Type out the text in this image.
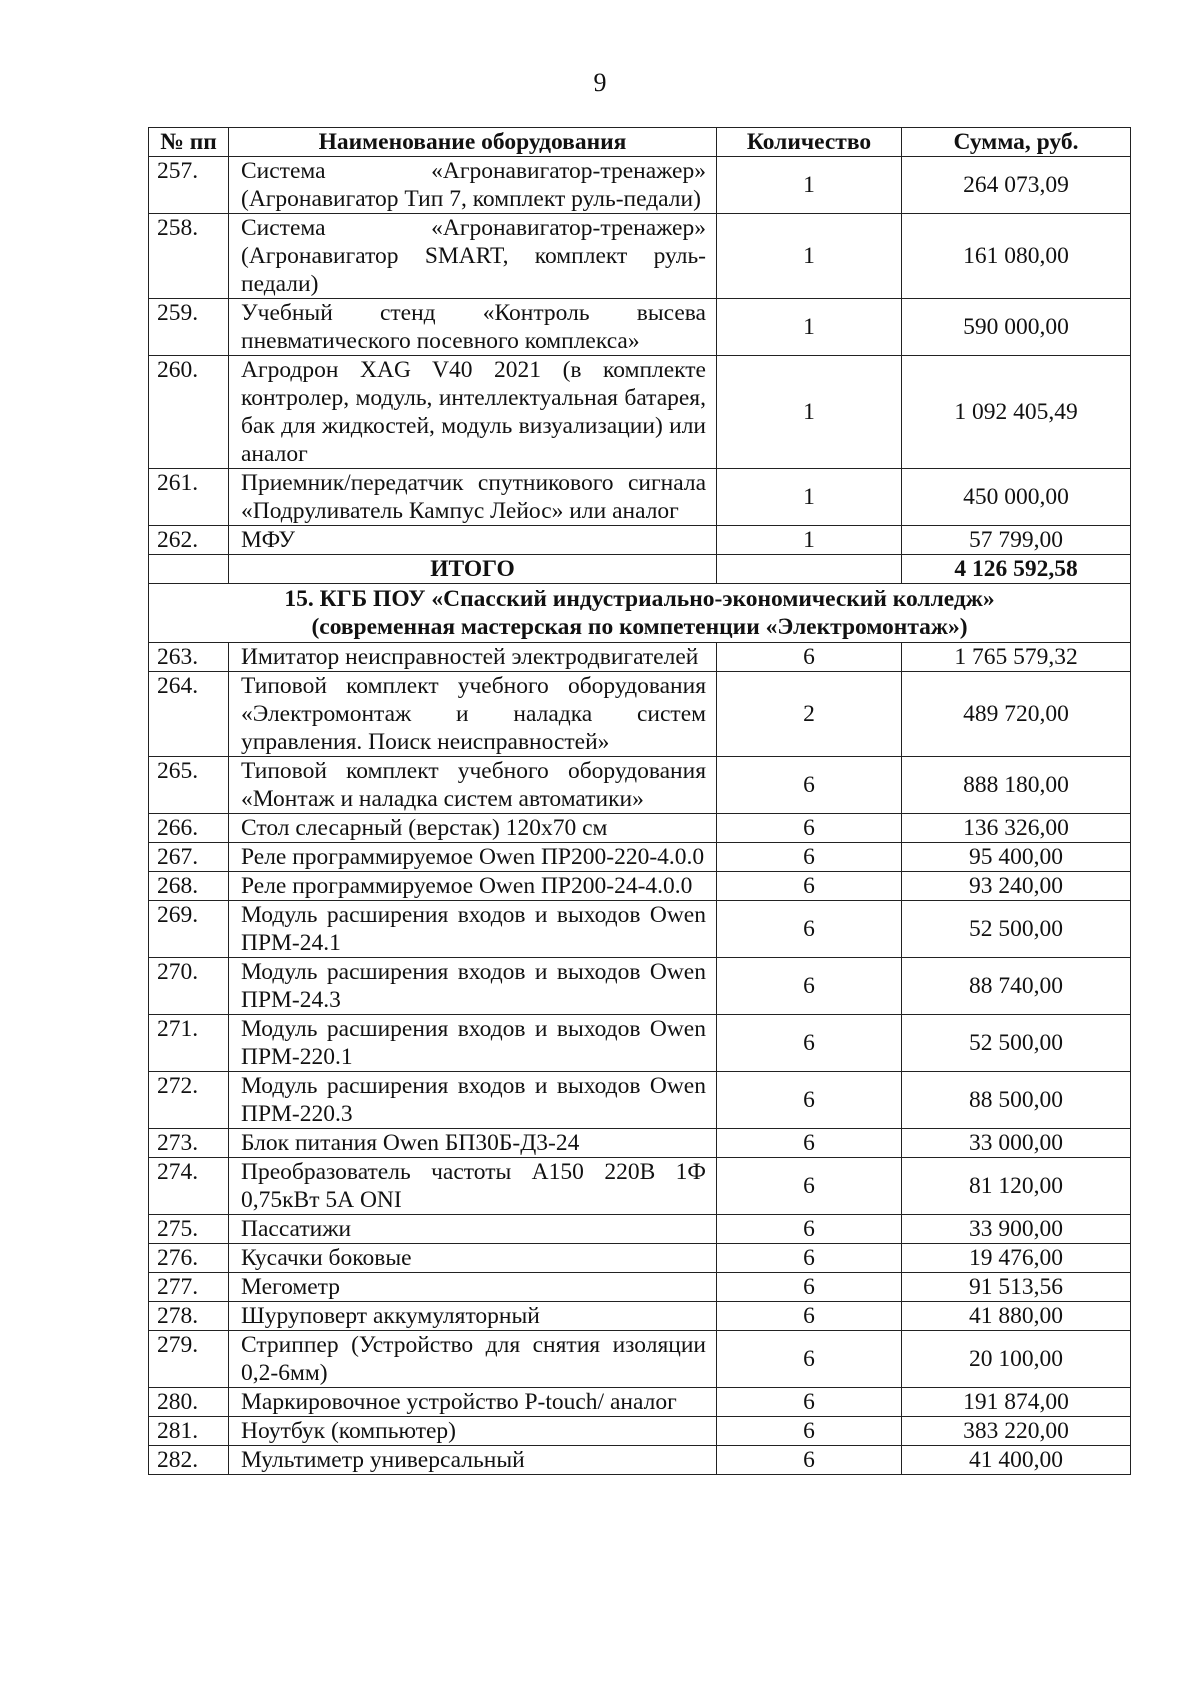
9
№ пп	Наименование оборудования	Количество	Сумма, руб.
257.	Система «Агронавигатор-тренажер» (Агронавигатор Тип 7, комплект руль-педали)	1	264 073,09
258.	Система «Агронавигатор-тренажер» (Агронавигатор SMART, комплект руль-педали)	1	161 080,00
259.	Учебный стенд «Контроль высева пневматического посевного комплекса»	1	590 000,00
260.	Агродрон XAG V40 2021 (в комплекте контролер, модуль, интеллектуальная батарея, бак для жидкостей, модуль визуализации) или аналог	1	1 092 405,49
261.	Приемник/передатчик спутникового сигнала «Подруливатель Кампус Лейос» или аналог	1	450 000,00
262.	МФУ	1	57 799,00
	ИТОГО		4 126 592,58

15. КГБ ПОУ «Спасский индустриально-экономический колледж»
(современная мастерская по компетенции «Электромонтаж»)			

263.	Имитатор неисправностей электродвигателей	6	1 765 579,32
264.	Типовой комплект учебного оборудования «Электромонтаж и наладка систем управления. Поиск неисправностей»	2	489 720,00
265.	Типовой комплект учебного оборудования «Монтаж и наладка систем автоматики»	6	888 180,00
266.	Стол слесарный (верстак) 120х70 см	6	136 326,00
267.	Реле программируемое Owen ПР200-220-4.0.0	6	95 400,00
268.	Реле программируемое Owen ПР200-24-4.0.0	6	93 240,00
269.	Модуль расширения входов и выходов Owen ПРМ-24.1	6	52 500,00
270.	Модуль расширения входов и выходов Owen ПРМ-24.3	6	88 740,00
271.	Модуль расширения входов и выходов Owen ПРМ-220.1	6	52 500,00
272.	Модуль расширения входов и выходов Owen ПРМ-220.3	6	88 500,00
273.	Блок питания Owen БП30Б-Д3-24	6	33 000,00
274.	Преобразователь частоты А150 220В 1Ф 0,75кВт 5А ONI	6	81 120,00
275.	Пассатижи	6	33 900,00
276.	Кусачки боковые	6	19 476,00
277.	Мегометр	6	91 513,56
278.	Шуруповерт аккумуляторный	6	41 880,00
279.	Стриппер (Устройство для снятия изоляции 0,2-6мм)	6	20 100,00
280.	Маркировочное устройство P-touch/ аналог	6	191 874,00
281.	Ноутбук (компьютер)	6	383 220,00
282.	Мультиметр универсальный	6	41 400,00
